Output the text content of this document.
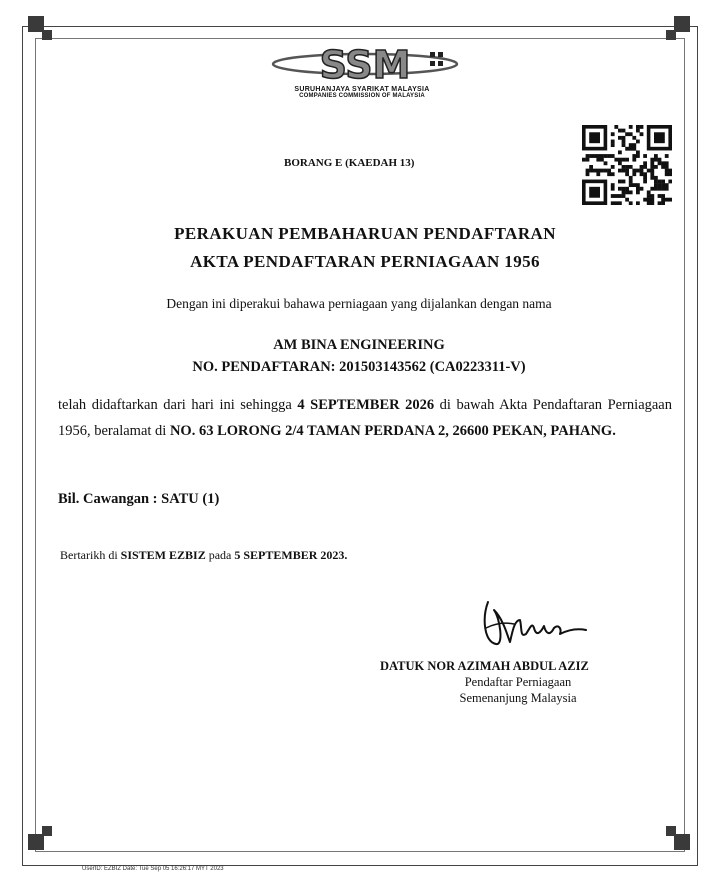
SSM
SURUHANJAYA SYARIKAT MALAYSIA
COMPANIES COMMISSION OF MALAYSIA
BORANG E (KAEDAH 13)
PERAKUAN PEMBAHARUAN PENDAFTARAN
AKTA PENDAFTARAN PERNIAGAAN 1956
Dengan ini diperakui bahawa perniagaan yang dijalankan dengan nama
AM BINA ENGINEERING
NO. PENDAFTARAN: 201503143562 (CA0223311-V)
telah didaftarkan dari hari ini sehingga 4 SEPTEMBER 2026 di bawah Akta Pendaftaran Perniagaan 1956, beralamat di NO. 63 LORONG 2/4 TAMAN PERDANA 2, 26600 PEKAN, PAHANG.
Bil. Cawangan : SATU (1)
Bertarikh di SISTEM EZBIZ pada 5 SEPTEMBER 2023.
DATUK NOR AZIMAH ABDUL AZIZ
Pendaftar Perniagaan
Semenanjung Malaysia
UserID: EZBIZ Date: Tue Sep 05 16:26:17 MYT 2023
